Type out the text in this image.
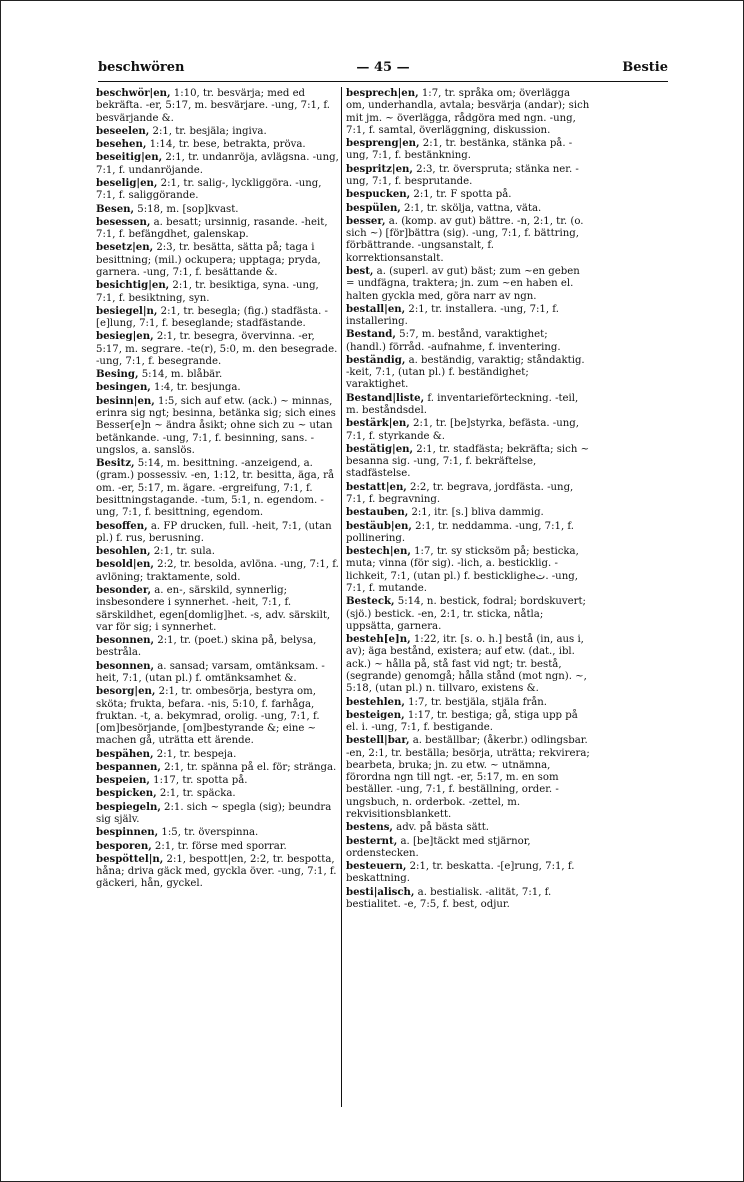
beschwören	— 45 —	Bestie

beschwör|en, 1:10, tr. besvärja; med ed bekräfta. -er, 5:17, m. besvärjare. -ung, 7:1, f. besvärjande &.

beseelen, 2:1, tr. besjäla; ingiva.

besehen, 1:14, tr. bese, betrakta, pröva.

beseitig|en, 2:1, tr. undanröja, avlägsna. -ung, 7:1, f. undanröjande.

beselig|en, 2:1, tr. salig-, lyckliggöra. -ung, 7:1, f. saliggörande.

Besen, 5:18, m. [sop]kvast.

besessen, a. besatt; ursinnig, rasande. -heit, 7:1, f. befängdhet, galenskap.

besetz|en, 2:3, tr. besätta, sätta på; taga i besittning; (mil.) ockupera; upptaga; pryda, garnera. -ung, 7:1, f. besättande &.

besichtig|en, 2:1, tr. besiktiga, syna. -ung, 7:1, f. besiktning, syn.

besiegel|n, 2:1, tr. besegla; (fig.) stadfästa. -[e]lung, 7:1, f. beseglande; stadfästande.

besieg|en, 2:1, tr. besegra, övervinna. -er, 5:17, m. segrare. -te(r), 5:0, m. den besegrade. -ung, 7:1, f. besegrande.

Besing, 5:14, m. blåbär.

besingen, 1:4, tr. besjunga.

besinn|en, 1:5, sich auf etw. (ack.) ~ minnas, erinra sig ngt; besinna, betänka sig; sich eines Besser[e]n ~ ändra åsikt; ohne sich zu ~ utan betänkande. -ung, 7:1, f. besinning, sans. -ungslos, a. sanslös.

Besitz, 5:14, m. besittning. -anzeigend, a. (gram.) possessiv. -en, 1:12, tr. besitta, äga, rå om. -er, 5:17, m. ägare. -ergreifung, 7:1, f. besittningstagande. -tum, 5:1, n. egendom. -ung, 7:1, f. besittning, egendom.

besoffen, a. FP drucken, full. -heit, 7:1, (utan pl.) f. rus, berusning.

besohlen, 2:1, tr. sula.

besold|en, 2:2, tr. besolda, avlöna. -ung, 7:1, f. avlöning; traktamente, sold.

besonder, a. en-, särskild, synnerlig; insbesondere i synnerhet. -heit, 7:1, f. särskildhet, egen[domlig]het. -s, adv. särskilt, var för sig; i synnerhet.

besonnen, 2:1, tr. (poet.) skina på, belysa, bestråla.

besonnen, a. sansad; varsam, omtänksam. -heit, 7:1, (utan pl.) f. omtänksamhet &.

besorg|en, 2:1, tr. ombesörja, bestyra om, sköta; frukta, befara. -nis, 5:10, f. farhåga, fruktan. -t, a. bekymrad, orolig. -ung, 7:1, f. [om]besörjande, [om]bestyrande &; eine ~ machen gå, uträtta ett ärende.

bespähen, 2:1, tr. bespeja.

bespannen, 2:1, tr. spänna på el. för; stränga.

bespeien, 1:17, tr. spotta på.

bespicken, 2:1, tr. späcka.

bespiegeln, 2:1. sich ~ spegla (sig); beundra sig själv.

bespinnen, 1:5, tr. överspinna.

besporen, 2:1, tr. förse med sporrar.

bespöttel|n, 2:1, bespott|en, 2:2, tr. bespotta, håna; driva gäck med, gyckla över. -ung, 7:1, f. gäckeri, hån, gyckel.

besprech|en, 1:7, tr. språka om; överlägga om, underhandla, avtala; besvärja (andar); sich mit jm. ~ överlägga, rådgöra med ngn. -ung, 7:1, f. samtal, överläggning, diskussion.

bespreng|en, 2:1, tr. bestänka, stänka på. -ung, 7:1, f. bestänkning.

bespritz|en, 2:3, tr. överspruta; stänka ner. -ung, 7:1, f. besprutande.

bespucken, 2:1, tr. F spotta på.

bespülen, 2:1, tr. skölja, vattna, väta.

besser, a. (komp. av gut) bättre. -n, 2:1, tr. (o. sich ~) [för]bättra (sig). -ung, 7:1, f. bättring, förbättrande. -ungsanstalt, f. korrektionsanstalt.

best, a. (superl. av gut) bäst; zum ~en geben = undfägna, traktera; jn. zum ~en haben el. halten gyckla med, göra narr av ngn.

bestall|en, 2:1, tr. installera. -ung, 7:1, f. installering.

Bestand, 5:7, m. bestånd, varaktighet; (handl.) förråd. -aufnahme, f. inventering.

beständig, a. beständig, varaktig; ståndaktig. -keit, 7:1, (utan pl.) f. beständighet; varaktighet.

Bestand|liste, f. inventarieförteckning. -teil, m. beståndsdel.

bestärk|en, 2:1, tr. [be]styrka, befästa. -ung, 7:1, f. styrkande &.

bestätig|en, 2:1, tr. stadfästa; bekräfta; sich ~ besanna sig. -ung, 7:1, f. bekräftelse, stadfästelse.

bestatt|en, 2:2, tr. begrava, jordfästa. -ung, 7:1, f. begravning.

bestauben, 2:1, itr. [s.] bliva dammig.

bestäub|en, 2:1, tr. neddamma. -ung, 7:1, f. pollinering.

bestech|en, 1:7, tr. sy sticksöm på; besticka, muta; vinna (för sig). -lich, a. besticklig. -lichkeit, 7:1, (utan pl.) f. bestickligheت. -ung, 7:1, f. mutande.

Besteck, 5:14, n. bestick, fodral; bordskuvert; (sjö.) bestick. -en, 2:1, tr. sticka, nåtla; uppsätta, garnera.

besteh[e]n, 1:22, itr. [s. o. h.] bestå (in, aus i, av); äga bestånd, existera; auf etw. (dat., ibl. ack.) ~ hålla på, stå fast vid ngt; tr. bestå, (segrande) genomgå; hålla stånd (mot ngn). ~, 5:18, (utan pl.) n. tillvaro, existens &.

bestehlen, 1:7, tr. bestjäla, stjäla från.

besteigen, 1:17, tr. bestiga; gå, stiga upp på el. i. -ung, 7:1, f. bestigande.

bestell|bar, a. beställbar; (åkerbr.) odlingsbar. -en, 2:1, tr. beställa; besörja, uträtta; rekvirera; bearbeta, bruka; jn. zu etw. ~ utnämna, förordna ngn till ngt. -er, 5:17, m. en som beställer. -ung, 7:1, f. beställning, order. -ungsbuch, n. orderbok. -zettel, m. rekvisitionsblankett.

bestens, adv. på bästa sätt.

besternt, a. [be]täckt med stjärnor, ordenstecken.

besteuern, 2:1, tr. beskatta. -[e]rung, 7:1, f. beskattning.

besti|alisch, a. bestialisk. -alität, 7:1, f. bestialitet. -e, 7:5, f. best, odjur.
